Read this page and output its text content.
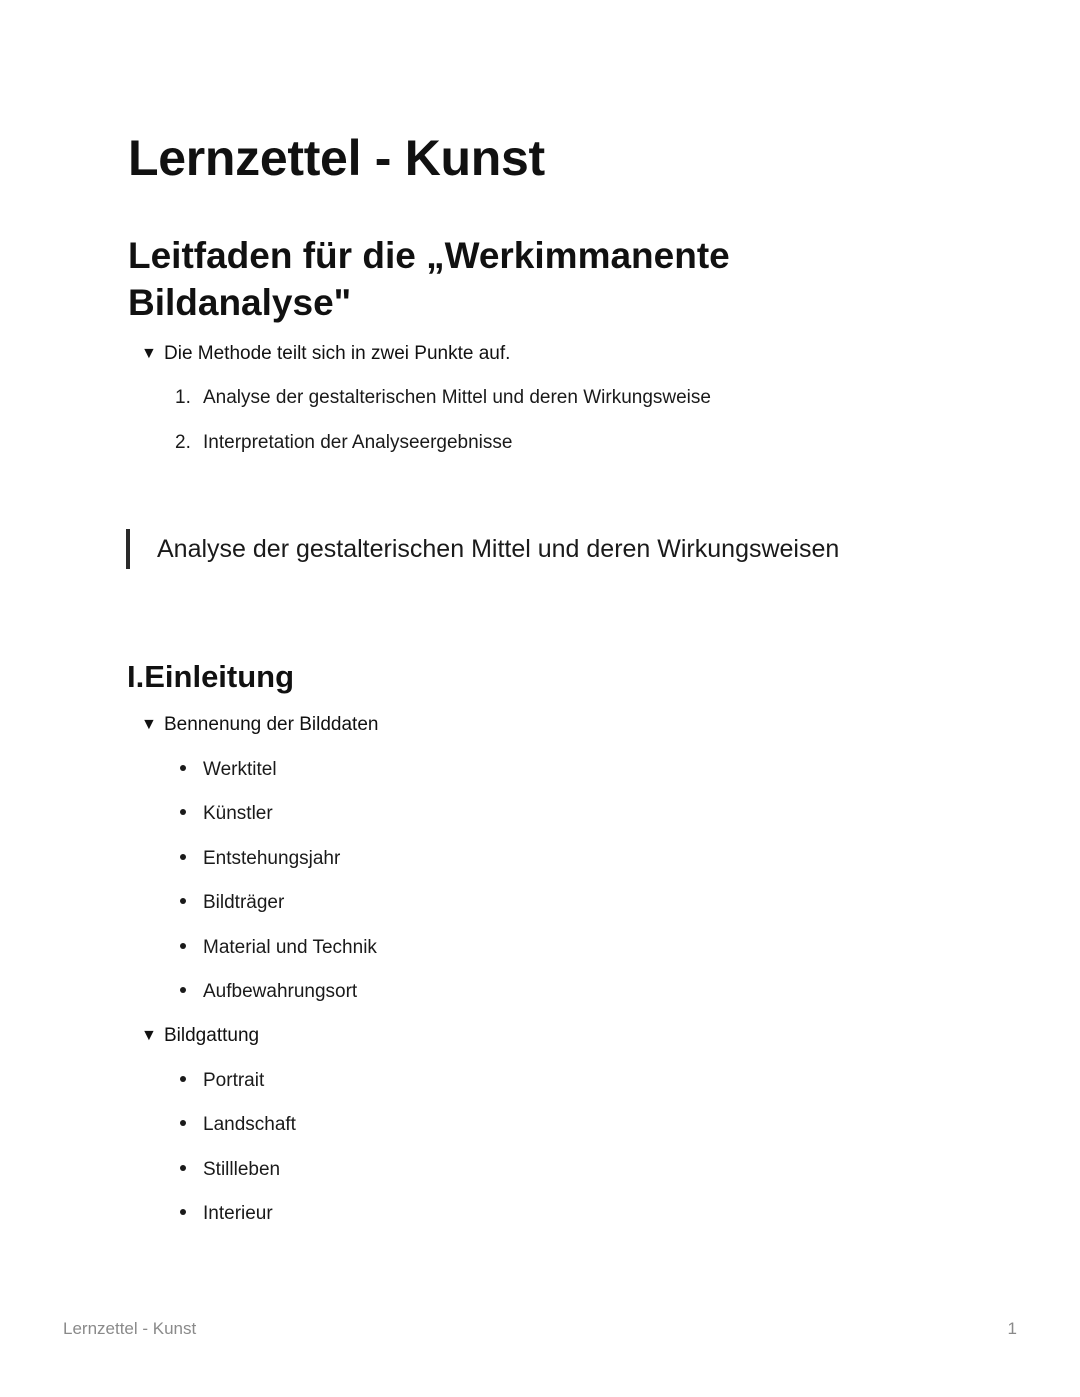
Lernzettel - Kunst
Leitfaden für die „Werkimmanente Bildanalyse"
▼ Die Methode teilt sich in zwei Punkte auf.
1. Analyse der gestalterischen Mittel und deren Wirkungsweise
2. Interpretation der Analyseergebnisse
Analyse der gestalterischen Mittel und deren Wirkungsweisen
I.Einleitung
▼ Bennenung der Bilddaten
Werktitel
Künstler
Entstehungsjahr
Bildträger
Material und Technik
Aufbewahrungsort
▼ Bildgattung
Portrait
Landschaft
Stillleben
Interieur
Lernzettel - Kunst	1
